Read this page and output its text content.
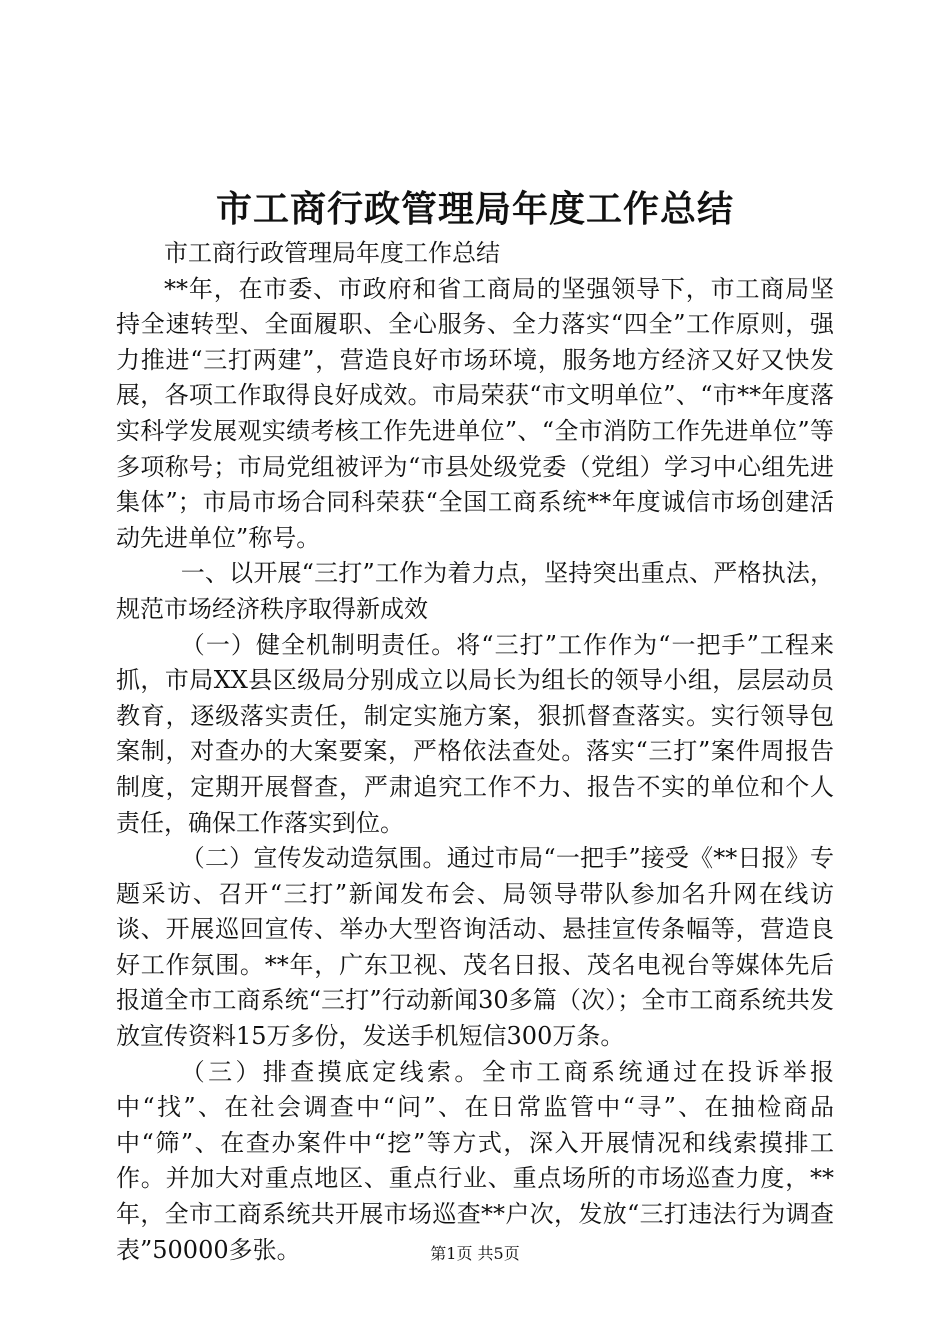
市工商行政管理局年度工作总结

市工商行政管理局年度工作总结

**年，在市委、市政府和省工商局的坚强领导下，市工商局坚持全速转型、全面履职、全心服务、全力落实“四全”工作原则，强力推进“三打两建”，营造良好市场环境，服务地方经济又好又快发展，各项工作取得良好成效。市局荣获“市文明单位”、“市**年度落实科学发展观实绩考核工作先进单位”、“全市消防工作先进单位”等多项称号；市局党组被评为“市县处级党委（党组）学习中心组先进集体”；市局市场合同科荣获“全国工商系统**年度诚信市场创建活动先进单位”称号。

一、以开展“三打”工作为着力点，坚持突出重点、严格执法，规范市场经济秩序取得新成效

（一）健全机制明责任。将“三打”工作作为“一把手”工程来抓，市局XX县区级局分别成立以局长为组长的领导小组，层层动员教育，逐级落实责任，制定实施方案，狠抓督查落实。实行领导包案制，对查办的大案要案，严格依法查处。落实“三打”案件周报告制度，定期开展督查，严肃追究工作不力、报告不实的单位和个人责任，确保工作落实到位。

（二）宣传发动造氛围。通过市局“一把手”接受《**日报》专题采访、召开“三打”新闻发布会、局领导带队参加名升网在线访谈、开展巡回宣传、举办大型咨询活动、悬挂宣传条幅等，营造良好工作氛围。**年，广东卫视、茂名日报、茂名电视台等媒体先后报道全市工商系统“三打”行动新闻30多篇（次）；全市工商系统共发放宣传资料15万多份，发送手机短信300万条。

（三）排查摸底定线索。全市工商系统通过在投诉举报中“找”、在社会调查中“问”、在日常监管中“寻”、在抽检商品中“筛”、在查办案件中“挖”等方式，深入开展情况和线索摸排工作。并加大对重点地区、重点行业、重点场所的市场巡查力度，**年，全市工商系统共开展市场巡查**户次，发放“三打违法行为调查表”50000多张。	第1页 共5页
